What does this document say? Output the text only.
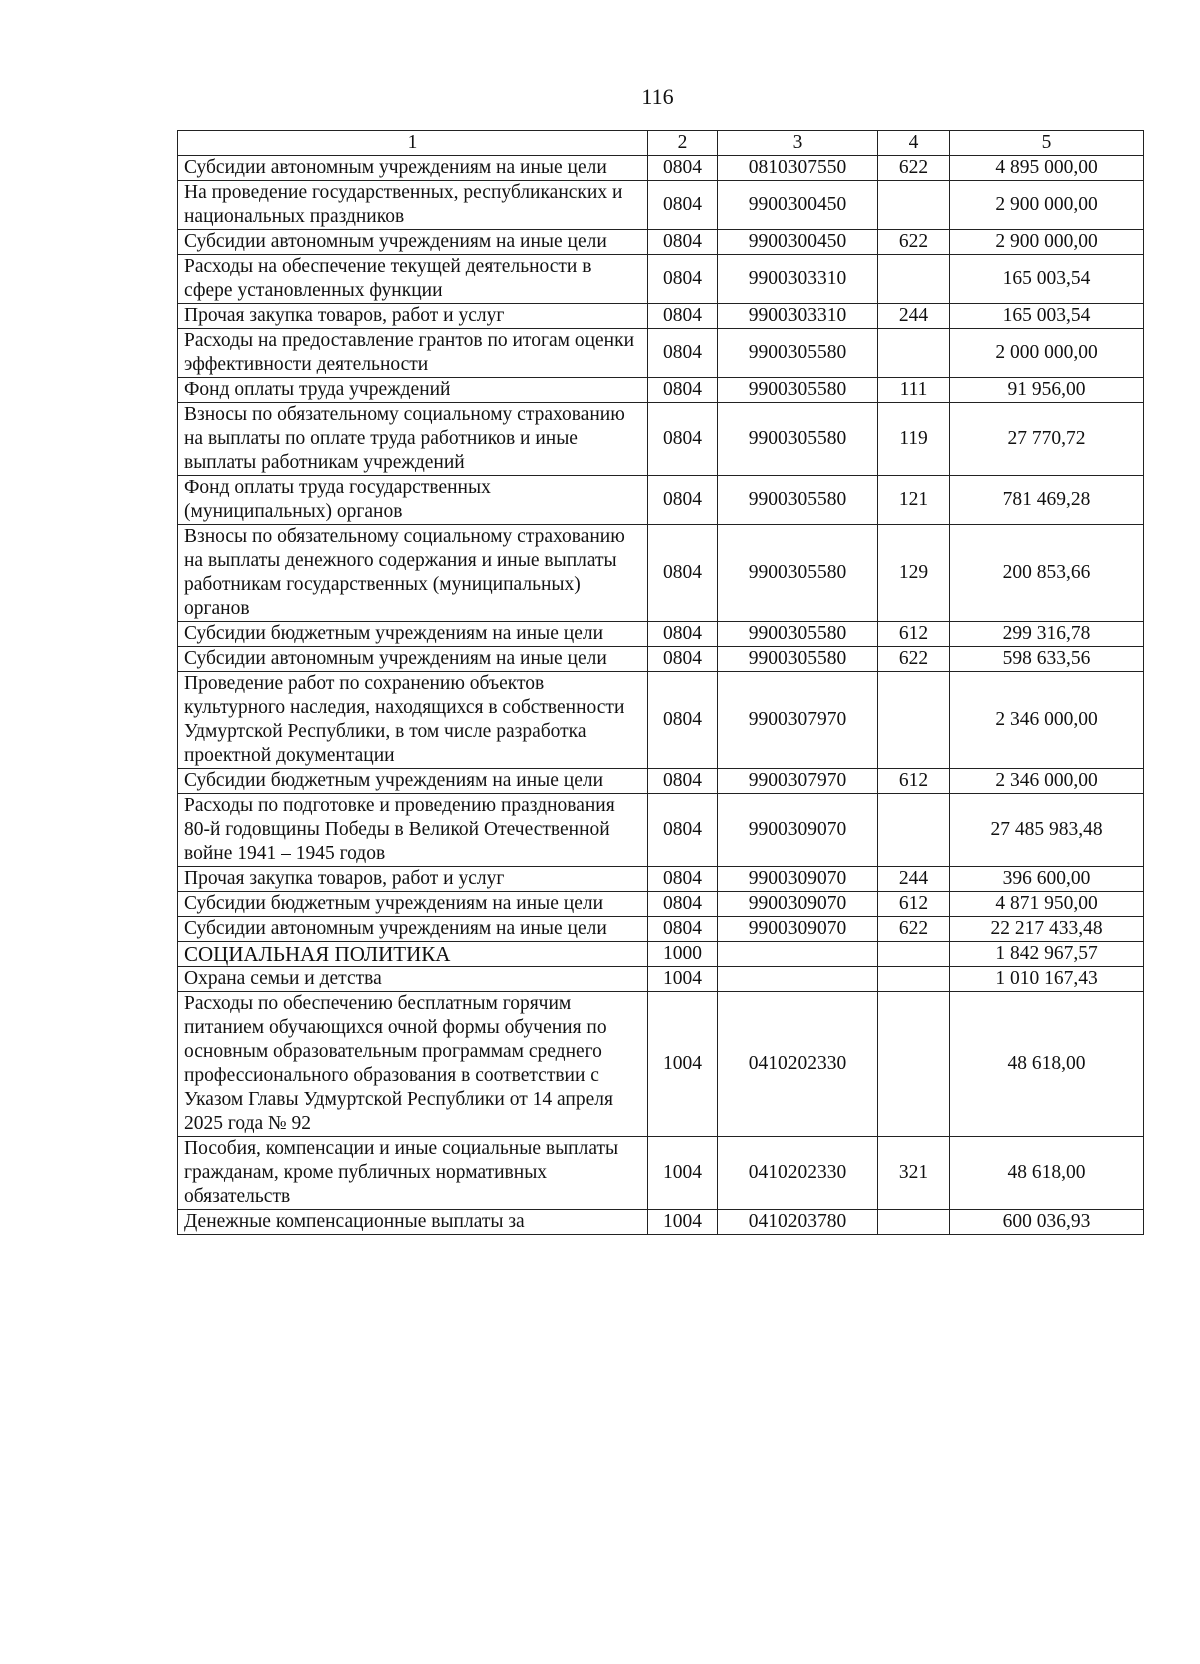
116
1	2	3	4	5
Субсидии автономным учреждениям на иные цели	0804	0810307550	622	4 895 000,00
На проведение государственных, республиканских и национальных праздников	0804	9900300450		2 900 000,00
Субсидии автономным учреждениям на иные цели	0804	9900300450	622	2 900 000,00
Расходы на обеспечение текущей деятельности в сфере установленных функции	0804	9900303310		165 003,54
Прочая закупка товаров, работ и услуг	0804	9900303310	244	165 003,54
Расходы на предоставление грантов по итогам оценки эффективности деятельности	0804	9900305580		2 000 000,00
Фонд оплаты труда учреждений	0804	9900305580	111	91 956,00
Взносы по обязательному социальному страхованию на выплаты по оплате труда работников и иные выплаты работникам учреждений	0804	9900305580	119	27 770,72
Фонд оплаты труда государственных (муниципальных) органов	0804	9900305580	121	781 469,28
Взносы по обязательному социальному страхованию на выплаты денежного содержания и иные выплаты работникам государственных (муниципальных) органов	0804	9900305580	129	200 853,66
Субсидии бюджетным учреждениям на иные цели	0804	9900305580	612	299 316,78
Субсидии автономным учреждениям на иные цели	0804	9900305580	622	598 633,56
Проведение работ по сохранению объектов культурного наследия, находящихся в собственности Удмуртской Республики, в том числе разработка проектной документации	0804	9900307970		2 346 000,00
Субсидии бюджетным учреждениям на иные цели	0804	9900307970	612	2 346 000,00
Расходы по подготовке и проведению празднования 80-й годовщины Победы в Великой Отечественной войне 1941 – 1945 годов	0804	9900309070		27 485 983,48
Прочая закупка товаров, работ и услуг	0804	9900309070	244	396 600,00
Субсидии бюджетным учреждениям на иные цели	0804	9900309070	612	4 871 950,00
Субсидии автономным учреждениям на иные цели	0804	9900309070	622	22 217 433,48
СОЦИАЛЬНАЯ ПОЛИТИКА	1000			1 842 967,57
Охрана семьи и детства	1004			1 010 167,43
Расходы по обеспечению бесплатным горячим питанием обучающихся очной формы обучения по основным образовательным программам среднего профессионального образования в соответствии с Указом Главы Удмуртской Республики от 14 апреля 2025 года № 92	1004	0410202330		48 618,00
Пособия, компенсации и иные социальные выплаты гражданам, кроме публичных нормативных обязательств	1004	0410202330	321	48 618,00
Денежные компенсационные выплаты за	1004	0410203780		600 036,93
